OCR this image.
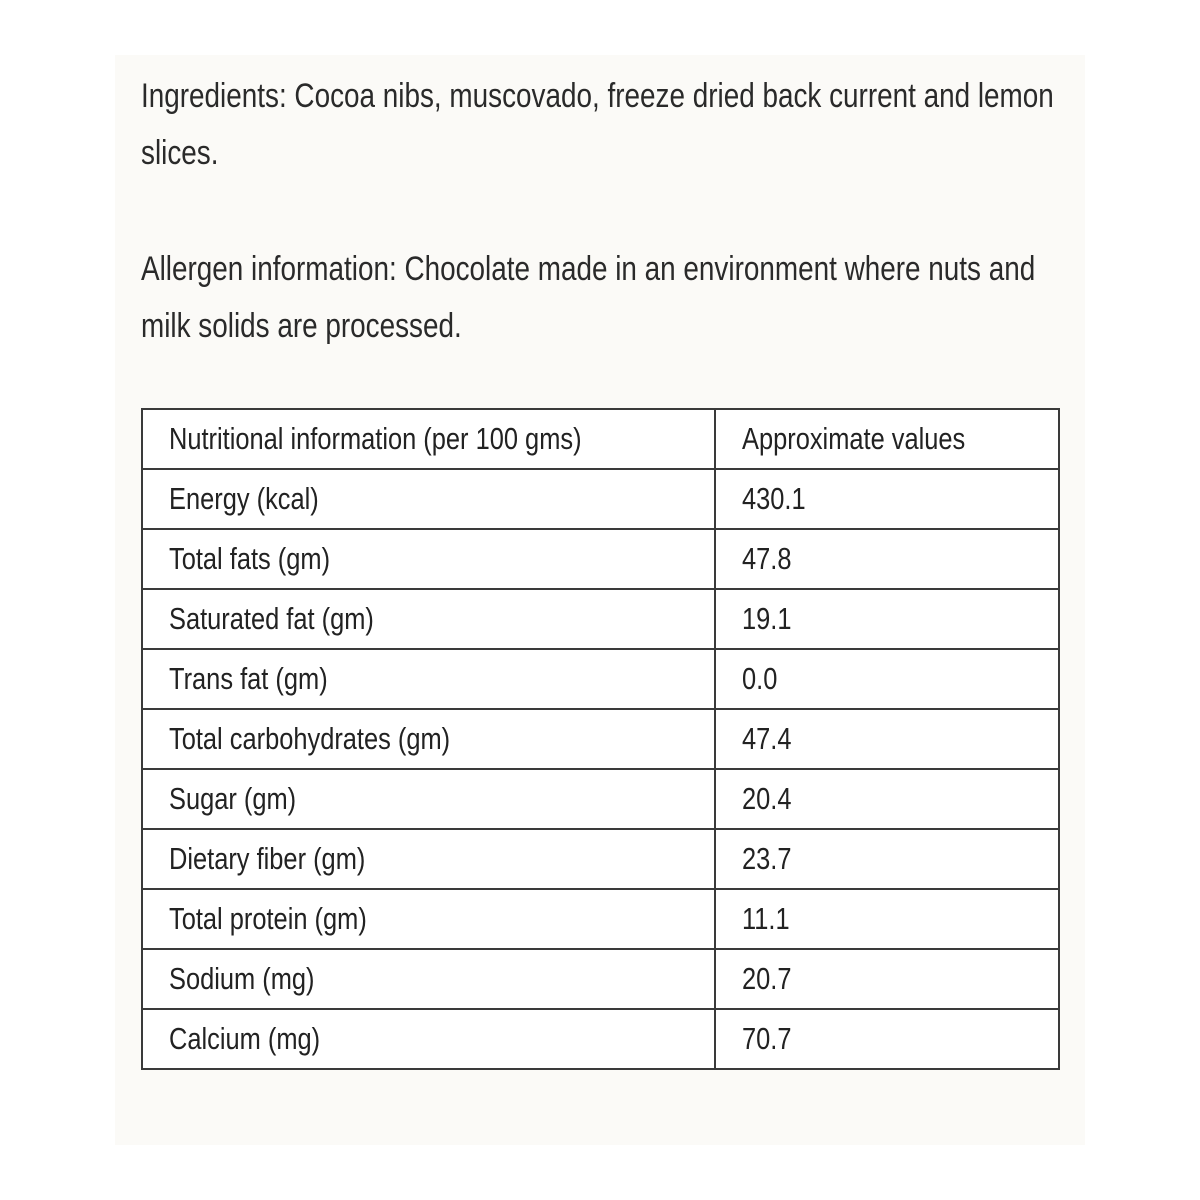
Ingredients: Cocoa nibs, muscovado, freeze dried back current and lemon slices.

Allergen information: Chocolate made in an environment where nuts and milk solids are processed.

Nutritional information (per 100 gms)	Approximate values
Energy (kcal)	430.1
Total fats (gm)	47.8
Saturated fat (gm)	19.1
Trans fat (gm)	0.0
Total carbohydrates (gm)	47.4
Sugar (gm)	20.4
Dietary fiber (gm)	23.7
Total protein (gm)	11.1
Sodium (mg)	20.7
Calcium (mg)	70.7
